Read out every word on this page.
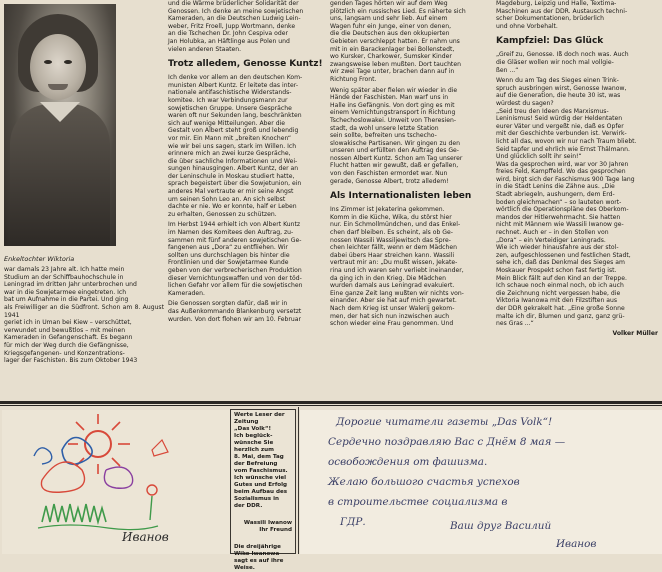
Enkeltochter Wiktoria

war damals 23 Jahre alt. Ich hatte mein
Studium an der Schiffbauhochschule in
Leningrad im dritten Jahr unterbrochen und
war in die Sowjetarmee eingetreten. Ich
bat um Aufnahme in die Partei. Und ging
als Freiwilliger an die Südfront. Schon am 8. August 1941
geriet ich in Uman bei Kiew – verschüttet,
verwundet und bewußtlos – mit meinen
Kameraden in Gefangenschaft. Es begann
für mich der Weg durch die Gefängnisse,
Kriegsgefangenen- und Konzentrations-
lager der Faschisten. Bis zum Oktober 1943

und die Wärme brüderlicher Solidarität der
Genossen. Ich denke an meine sowjetischen
Kameraden, an die Deutschen Ludwig Lein-
weber, Fritz Froell, Jupp Wortmann, denke
an die Tschechen Dr. John Cespiva oder
Jan Holubka, an Häftlinge aus Polen und
vielen anderen Staaten.

Trotz alledem, Genosse Kuntz!

Ich denke vor allem an den deutschen Kom-
munisten Albert Kuntz. Er leitete das inter-
nationale antifaschistische Widerstands-
komitee. Ich war Verbindungsmann zur
sowjetischen Gruppe. Unsere Gespräche
waren oft nur Sekunden lang, beschränkten
sich auf wenige Mitteilungen. Aber die
Gestalt von Albert steht groß und lebendig
vor mir. Ein Mann mit „breiten Knochen“
wie wir bei uns sagen, stark im Willen. Ich
erinnere mich an zwei kurze Gespräche,
die über sachliche Informationen und Wei-
sungen hinausgingen. Albert Kuntz, der an
der Leninschule in Moskau studiert hatte,
sprach begeistert über die Sowjetunion, ein
anderes Mal vertraute er mir seine Angst
um seinen Sohn Leo an. An sich selbst
dachte er nie. Wo er konnte, half er Leben
zu erhalten, Genossen zu schützen.

Im Herbst 1944 erhielt ich von Albert Kuntz
im Namen des Komitees den Auftrag, zu-
sammen mit fünf anderen sowjetischen Ge-
fangenen aus „Dora“ zu entfliehen. Wir
sollten uns durchschlagen bis hinter die
Frontlinien und der Sowjetarmee Kunde
geben von der verbrecherischen Produktion
dieser Vernichtungswaffen und von der töd-
lichen Gefahr vor allem für die sowjetischen
Kameraden.

Die Genossen sorgten dafür, daß wir in
das Außenkommando Blankenburg versetzt
wurden. Von dort flohen wir am 10. Februar

genden Tages hörten wir auf dem Weg
plötzlich ein russisches Lied. Es näherte sich
uns, langsam und sehr lieb. Auf einem
Wagen fuhr ein Junge, einer von denen,
die die Deutschen aus den okkupierten
Gebieten verschleppt hatten. Er nahm uns
mit in ein Barackenlager bei Bollenstedt,
wo Kursker, Charkower, Sumsker Kinder
zwangsweise leben mußten. Dort tauchten
wir zwei Tage unter, brachen dann auf in
Richtung Front.

Wenig später aber fielen wir wieder in die
Hände der Faschisten. Man warf uns in
Halle ins Gefängnis. Von dort ging es mit
einem Vernichtungstransport in Richtung
Tschechoslowakei. Unweit von Theresien-
stadt, da wohl unsere letzte Station
sein sollte, befreiten uns tschecho-
slowakische Partisanen. Wir gingen zu den
unseren und erfüllten den Auftrag des Ge-
nossen Albert Kuntz. Schon am Tag unserer
Flucht hatten wir gewußt, daß er gefallen,
von den Faschisten ermordet war. Nun
gerade, Genosse Albert, trotz alledem!

Als Internationalisten leben

Ins Zimmer ist Jekaterina gekommen.
Komm in die Küche, Wika, du störst hier
nur. Ein Schmollmündchen, und das Enkel-
chen darf bleiben. Es scheint, als ob Ge-
nossen Wassili Wassiljewitsch das Spre-
chen leichter fällt, wenn er dem Mädchen
dabei übers Haar streichen kann. Wassili
vertraut mir an: „Du mußt wissen, Jekate-
rina und ich waren sehr verliebt ineinander,
da ging ich in den Krieg. Die Mädchen
wurden damals aus Leningrad evakuiert.
Eine ganze Zeit lang wußten wir nichts von-
einander. Aber sie hat auf mich gewartet.
Nach dem Krieg ist unser Walerij gekom-
men, der hat sich nun inzwischen auch
schon wieder eine Frau genommen. Und

Magdeburg, Leipzig und Halle, Textima-
Maschinen aus der DDR. Austausch techni-
scher Dokumentationen, brüderlich
und ohne Vorbehalt.

Kampfziel: Das Glück

„Greif zu, Genosse. Iß doch noch was. Auch
die Gläser wollen wir noch mal vollgie-
ßen ...“

Wenn du am Tag des Sieges einen Trink-
spruch ausbringen wirst, Genosse Iwanow,
auf die Generation, die heute 30 ist, was
würdest du sagen?
„Seid treu den Ideen des Marxismus-
Leninismus! Seid würdig der Heldentaten
eurer Väter und vergeßt nie, daß es Opfer
mit der Geschichte verbunden ist. Verwirk-
licht all das, wovon wir nur nach Traum bliebt.
Seid tapfer und ehrlich wie Ernst Thälmann.
Und glücklich sollt ihr sein!“
Was da gesprochen wird, war vor 30 Jahren
freies Feld, Kampffeld. Wo das gesprochen
wird, birgt sich der Faschismus 900 Tage lang
in die Stadt Lenins die Zähne aus. „Die
Stadt abriegeln, aushungern, dem Erd-
boden gleichmachen“ – so lauteten wort-
wörtlich die Operationspläne des Oberkom-
mandos der Hitlerwehrmacht. Sie hatten
nicht mit Männern wie Wassili Iwanow ge-
rechnet. Auch er – in den Stollen von
„Dora“ – ein Verteidiger Leningrads.
Wie ich wieder hinausfahre aus der stol-
zen, aufgeschlossenen und festlichen Stadt,
sehe ich, daß das Denkmal des Sieges am
Moskauer Prospekt schon fast fertig ist.
Mein Blick fällt auf den Kind an der Treppe.
Ich schaue noch einmal noch, ob ich auch
die Zeichnung nicht vergessen habe, die
Viktoria Iwanowa mit den Filzstiften aus
der DDR gekrakelt hat. „Eine große Sonne
malte ich dir, Blumen und ganz, ganz grü-
nes Gras ...“

Volker Müller
Иванов

Werte Leser der
Zeitung
„Das Volk“!
Ich beglück-
wünsche Sie
herzlich zum
8. Mai, dem Tag
der Befreiung
vom Faschismus.
Ich wünsche viel
Gutes und Erfolg
beim Aufbau des
Sozialismus in
der DDR.

Wassili Iwanow
Ihr Freund

Die dreijährige
Wiko Iwanowa
sagt es auf ihre
Weise.

Дорогие читатели газеты „Das Volk“!
Сердечно поздравляю Вас с Днём 8 мая —
освобождения от фашизма.
Желаю большого счастья успехов
в строительстве социализма в
ГДР.	Ваш друг Василий
Иванов
